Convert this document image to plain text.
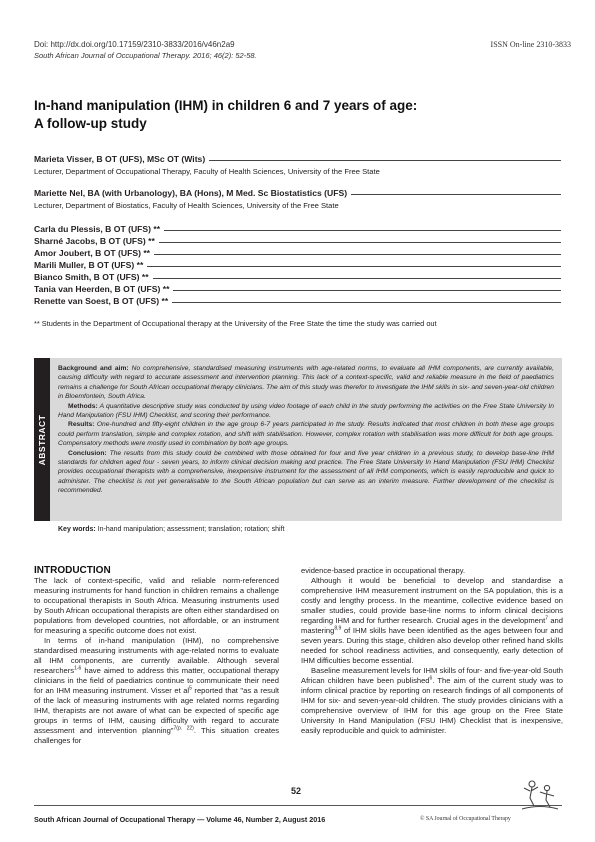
Doi: http://dx.doi.org/10.17159/2310-3833/2016/v46n2a9	ISSN On-line 2310-3833
South African Journal of Occupational Therapy. 2016; 46(2): 52-58.
In-hand manipulation (IHM) in children 6 and 7 years of age:
A follow-up study
Marieta Visser, B OT (UFS), MSc OT (Wits)
Lecturer, Department of Occupational Therapy, Faculty of Health Sciences, University of the Free State
Mariette Nel, BA (with Urbanology), BA (Hons), M Med. Sc Biostatistics (UFS)
Lecturer, Department of Biostatics, Faculty of Health Sciences, University of the Free State
Carla du Plessis, B OT (UFS) **
Sharné Jacobs, B OT (UFS) **
Amor Joubert, B OT (UFS) **
Marili Muller, B OT (UFS) **
Bianco Smith, B OT (UFS) **
Tania van Heerden, B OT (UFS) **
Renette van Soest, B OT (UFS) **
** Students in the Department of Occupational therapy at the University of the Free State the time the study was carried out
ABSTRACT

Background and aim: No comprehensive, standardised measuring instruments with age-related norms, to evaluate all IHM components, are currently available, causing difficulty with regard to accurate assessment and intervention planning. This lack of a context-specific, valid and reliable measure in the field of paediatrics remains a challenge for South African occupational therapy clinicians. The aim of this study was therefor to investigate the IHM skills in six- and seven-year-old children in Bloemfontein, South Africa.

Methods: A quantitative descriptive study was conducted by using video footage of each child in the study performing the activities on the Free State University In Hand Manipulation (FSU IHM) Checklist, and scoring their performance.

Results: One-hundred and fifty-eight children in the age group 6-7 years participated in the study. Results indicated that most children in both these age groups could perform translation, simple and complex rotation, and shift with stabilisation. However, complex rotation with stabilisation was more difficult for both age groups. Compensatory methods were mostly used in combination by both age groups.

Conclusion: The results from this study could be combined with those obtained for four and five year children in a previous study, to develop base-line IHM standards for children aged four - seven years, to inform clinical decision making and practice. The Free State University In Hand Manipulation (FSU IHM) Checklist provides occupational therapists with a comprehensive, inexpensive instrument for the assessment of all IHM components, which is easily reproducible and quick to administer. The checklist is not yet generalisable to the South African population but can serve as an interim measure. Further development of the checklist is recommended.

Key words: In-hand manipulation; assessment; translation; rotation; shift
INTRODUCTION

The lack of context-specific, valid and reliable norm-referenced measuring instruments for hand function in children remains a challenge to occupational therapists in South Africa. Measuring instruments used by South African occupational therapists are often either standardised on populations from developed countries, not affordable, or an instrument for measuring a specific outcome does not exist.

In terms of in-hand manipulation (IHM), no comprehensive standardised measuring instruments with age-related norms to evaluate all IHM components, are currently available. Although several researchers$^{1-6}$ have aimed to address this matter, occupational therapy clinicians in the field of paediatrics continue to communicate their need for an IHM measuring instrument. Visser et $al^5$ reported that "as a result of the lack of measuring instruments with age related norms regarding IHM, therapists are not aware of what can be expected of specific age groups in terms of IHM, causing difficulty with regard to accurate assessment and intervention planning"$^{7(p. 22)}$. This situation creates challenges for

evidence-based practice in occupational therapy.

Although it would be beneficial to develop and standardise a comprehensive IHM measurement instrument on the SA population, this is a costly and lengthy process. In the meantime, collective evidence based on smaller studies, could provide base-line norms to inform clinical decisions regarding IHM and for further research. Crucial ages in the development$^7$ and mastering$^{8,9}$ of IHM skills have been identified as the ages between four and seven years. During this stage, children also develop other refined hand skills needed for school readiness activities, and consequently, early detection of IHM difficulties become essential.

Baseline measurement levels for IHM skills of four- and five-year-old South African children have been published$^6$. The aim of the current study was to inform clinical practice by reporting on research findings of all components of IHM for six- and seven-year-old children. The study provides clinicians with a comprehensive overview of IHM for this age group on the Free State University In Hand Manipulation (FSU IHM) Checklist that is inexpensive, easily reproducible and quick to administer.

52
South African Journal of Occupational Therapy — Volume 46, Number 2, August 2016	© SA Journal of Occupational Therapy
